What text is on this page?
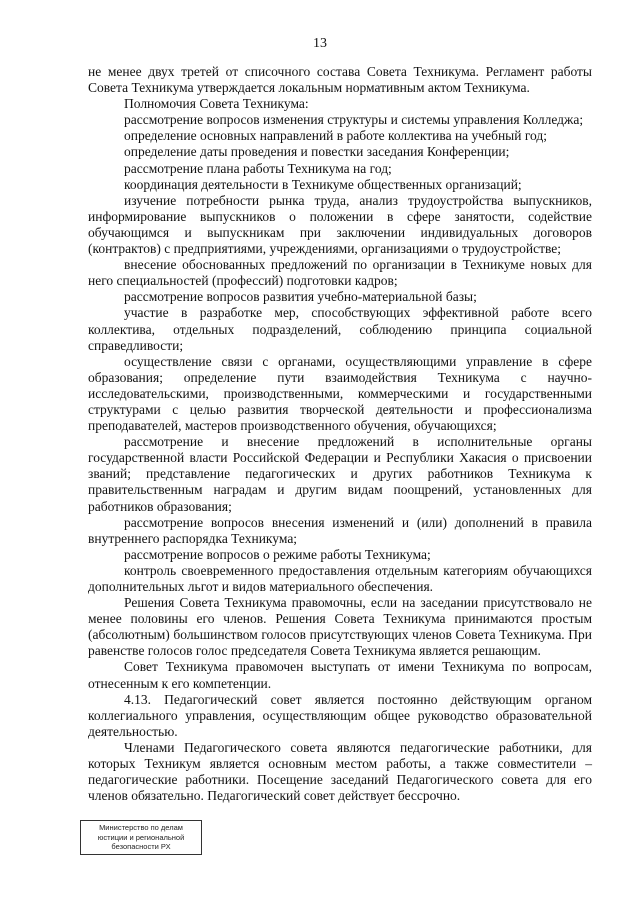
13

не менее двух третей от списочного состава Совета Техникума. Регламент работы Совета Техникума утверждается локальным нормативным актом Техникума.

Полномочия Совета Техникума:

рассмотрение вопросов изменения структуры и системы управления Колледжа;

определение основных направлений в работе коллектива на учебный год;

определение даты проведения и повестки заседания Конференции;

рассмотрение плана работы Техникума на год;

координация деятельности в Техникуме общественных организаций;

изучение потребности рынка труда, анализ трудоустройства выпускников, информирование выпускников о положении в сфере занятости, содействие обучающимся и выпускникам при заключении индивидуальных договоров (контрактов) с предприятиями, учреждениями, организациями о трудоустройстве;

внесение обоснованных предложений по организации в Техникуме новых для него специальностей (профессий) подготовки кадров;

рассмотрение вопросов развития учебно-материальной базы;

участие в разработке мер, способствующих эффективной работе всего коллектива, отдельных подразделений, соблюдению принципа социальной справедливости;

осуществление связи с органами, осуществляющими управление в сфере образования; определение пути взаимодействия Техникума с научно-исследовательскими, производственными, коммерческими и государственными структурами с целью развития творческой деятельности и профессионализма преподавателей, мастеров производственного обучения, обучающихся;

рассмотрение и внесение предложений в исполнительные органы государственной власти Российской Федерации и Республики Хакасия о присвоении званий; представление педагогических и других работников Техникума к правительственным наградам и другим видам поощрений, установленных для работников образования;

рассмотрение вопросов внесения изменений и (или) дополнений в правила внутреннего распорядка Техникума;

рассмотрение вопросов о режиме работы Техникума;

контроль своевременного предоставления отдельным категориям обучающихся дополнительных льгот и видов материального обеспечения.

Решения Совета Техникума правомочны, если на заседании присутствовало не менее половины его членов. Решения Совета Техникума принимаются простым (абсолютным) большинством голосов присутствующих членов Совета Техникума. При равенстве голосов голос председателя Совета Техникума является решающим.

Совет Техникума правомочен выступать от имени Техникума по вопросам, отнесенным к его компетенции.

4.13. Педагогический совет является постоянно действующим органом коллегиального управления, осуществляющим общее руководство образовательной деятельностью.

Членами Педагогического совета являются педагогические работники, для которых Техникум является основным местом работы, а также совместители – педагогические работники. Посещение заседаний Педагогического совета для его членов обязательно. Педагогический совет действует бессрочно.

Министерство по делам
юстиции и региональной
безопасности РХ
